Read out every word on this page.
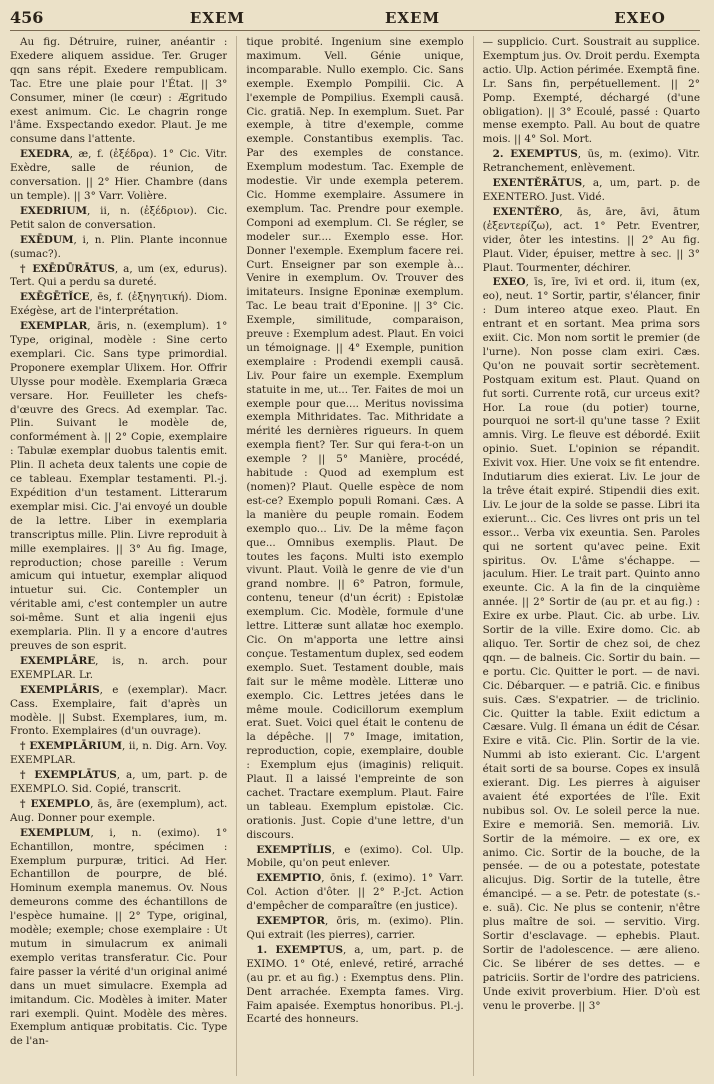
456	EXEM	EXEM	EXEO

Au fig. Détruire, ruiner, anéantir : Exedere aliquem assidue. Ter. Gruger qqn sans répit. Exedere rempublicam. Tac. Etre une plaie pour l'État. || 3° Consumer, miner (le cœur) : Ægritudo exest animum. Cic. Le chagrin ronge l'âme. Exspectando exedor. Plaut. Je me consume dans l'attente.

EXEDRA, æ, f. (ἐξέδρα). 1° Cic. Vitr. Exèdre, salle de réunion, de conversation. || 2° Hier. Chambre (dans un temple). || 3° Varr. Volière.

EXEDRIUM, ii, n. (ἐξέδριον). Cic. Petit salon de conversation.

EXĒDUM, i, n. Plin. Plante inconnue (sumac?).

† EXĒDŪRĀTUS, a, um (ex, edurus). Tert. Qui a perdu sa dureté.

EXĒGĒTĬCE, ēs, f. (ἐξηγητική). Diom. Exégèse, art de l'interprétation.

EXEMPLAR, āris, n. (exemplum). 1° Type, original, modèle : Sine certo exemplari. Cic. Sans type primordial. Proponere exemplar Ulixem. Hor. Offrir Ulysse pour modèle. Exemplaria Græca versare. Hor. Feuilleter les chefs-d'œuvre des Grecs. Ad exemplar. Tac. Plin. Suivant le modèle de, conformément à. || 2° Copie, exemplaire : Tabulæ exemplar duobus talentis emit. Plin. Il acheta deux talents une copie de ce tableau. Exemplar testamenti. Pl.-j. Expédition d'un testament. Litterarum exemplar misi. Cic. J'ai envoyé un double de la lettre. Liber in exemplaria transcriptus mille. Plin. Livre reproduit à mille exemplaires. || 3° Au fig. Image, reproduction; chose pareille : Verum amicum qui intuetur, exemplar aliquod intuetur sui. Cic. Contempler un véritable ami, c'est contempler un autre soi-même. Sunt et alia ingenii ejus exemplaria. Plin. Il y a encore d'autres preuves de son esprit.

EXEMPLĀRE, is, n. arch. pour EXEMPLAR. Lr.

EXEMPLĀRIS, e (exemplar). Macr. Cass. Exemplaire, fait d'après un modèle. || Subst. Exemplares, ium, m. Fronto. Exemplaires (d'un ouvrage).

† EXEMPLĀRIUM, ii, n. Dig. Arn. Voy. EXEMPLAR.

† EXEMPLĀTUS, a, um, part. p. de EXEMPLO. Sid. Copié, transcrit.

† EXEMPLO, ās, āre (exemplum), act. Aug. Donner pour exemple.

EXEMPLUM, i, n. (eximo). 1° Echantillon, montre, spécimen : Exemplum purpuræ, tritici. Ad Her. Echantillon de pourpre, de blé. Hominum exempla manemus. Ov. Nous demeurons comme des échantillons de l'espèce humaine. || 2° Type, original, modèle; exemple; chose exemplaire : Ut mutum in simulacrum ex animali exemplo veritas transferatur. Cic. Pour faire passer la vérité d'un original animé dans un muet simulacre. Exempla ad imitandum. Cic. Modèles à imiter. Mater rari exempli. Quint. Modèle des mères. Exemplum antiquæ probitatis. Cic. Type de l'an-

tique probité. Ingenium sine exemplo maximum. Vell. Génie unique, incomparable. Nullo exemplo. Cic. Sans exemple. Exemplo Pompilii. Cic. A l'exemple de Pompilius. Exempli causā. Cic. gratiā. Nep. In exemplum. Suet. Par exemple, à titre d'exemple, comme exemple. Constantibus exemplis. Tac. Par des exemples de constance. Exemplum modestum. Tac. Exemple de modestie. Vir unde exempla peterem. Cic. Homme exemplaire. Assumere in exemplum. Tac. Prendre pour exemple. Componi ad exemplum. Cl. Se régler, se modeler sur.... Exemplo esse. Hor. Donner l'exemple. Exemplum facere rei. Curt. Enseigner par son exemple à... Venire in exemplum. Ov. Trouver des imitateurs. Insigne Eponinæ exemplum. Tac. Le beau trait d'Eponine. || 3° Cic. Exemple, similitude, comparaison, preuve : Exemplum adest. Plaut. En voici un témoignage. || 4° Exemple, punition exemplaire : Prodendi exempli causā. Liv. Pour faire un exemple. Exemplum statuite in me, ut... Ter. Faites de moi un exemple pour que.... Meritus novissima exempla Mithridates. Tac. Mithridate a mérité les dernières rigueurs. In quem exempla fient? Ter. Sur qui fera-t-on un exemple ? || 5° Manière, procédé, habitude : Quod ad exemplum est (nomen)? Plaut. Quelle espèce de nom est-ce? Exemplo populi Romani. Cæs. A la manière du peuple romain. Eodem exemplo quo... Liv. De la même façon que... Omnibus exemplis. Plaut. De toutes les façons. Multi isto exemplo vivunt. Plaut. Voilà le genre de vie d'un grand nombre. || 6° Patron, formule, contenu, teneur (d'un écrit) : Epistolæ exemplum. Cic. Modèle, formule d'une lettre. Litteræ sunt allatæ hoc exemplo. Cic. On m'apporta une lettre ainsi conçue. Testamentum duplex, sed eodem exemplo. Suet. Testament double, mais fait sur le même modèle. Litteræ uno exemplo. Cic. Lettres jetées dans le même moule. Codicillorum exemplum erat. Suet. Voici quel était le contenu de la dépêche. || 7° Image, imitation, reproduction, copie, exemplaire, double : Exemplum ejus (imaginis) reliquit. Plaut. Il a laissé l'empreinte de son cachet. Tractare exemplum. Plaut. Faire un tableau. Exemplum epistolæ. Cic. orationis. Just. Copie d'une lettre, d'un discours.

EXEMPTĬLIS, e (eximo). Col. Ulp. Mobile, qu'on peut enlever.

EXEMPTIO, ōnis, f. (eximo). 1° Varr. Col. Action d'ôter. || 2° P.-Jct. Action d'empêcher de comparaître (en justice).

EXEMPTOR, ōris, m. (eximo). Plin. Qui extrait (les pierres), carrier.

1. EXEMPTUS, a, um, part. p. de EXIMO. 1° Oté, enlevé, retiré, arraché (au pr. et au fig.) : Exemptus dens. Plin. Dent arrachée. Exempta fames. Virg. Faim apaisée. Exemptus honoribus. Pl.-j. Ecarté des honneurs.

— supplicio. Curt. Soustrait au supplice. Exemptum jus. Ov. Droit perdu. Exempta actio. Ulp. Action périmée. Exemptā fine. Lr. Sans fin, perpétuellement. || 2° Pomp. Exempté, déchargé (d'une obligation). || 3° Ecoulé, passé : Quarto mense exempto. Pall. Au bout de quatre mois. || 4° Sol. Mort.

2. EXEMPTUS, ūs, m. (eximo). Vitr. Retranchement, enlèvement.

EXENTĔRĀTUS, a, um, part. p. de EXENTERO. Just. Vidé.

EXENTĔRO, ās, āre, āvi, ātum (ἐξεντερίζω), act. 1° Petr. Eventrer, vider, ôter les intestins. || 2° Au fig. Plaut. Vider, épuiser, mettre à sec. || 3° Plaut. Tourmenter, déchirer.

EXEO, īs, īre, īvi et ord. ii, itum (ex, eo), neut. 1° Sortir, partir, s'élancer, finir : Dum intereo atque exeo. Plaut. En entrant et en sortant. Mea prima sors exiit. Cic. Mon nom sortit le premier (de l'urne). Non posse clam exiri. Cæs. Qu'on ne pouvait sortir secrètement. Postquam exitum est. Plaut. Quand on fut sorti. Currente rotā, cur urceus exit? Hor. La roue (du potier) tourne, pourquoi ne sort-il qu'une tasse ? Exiit amnis. Virg. Le fleuve est débordé. Exiit opinio. Suet. L'opinion se répandit. Exivit vox. Hier. Une voix se fit entendre. Indutiarum dies exierat. Liv. Le jour de la trêve était expiré. Stipendii dies exit. Liv. Le jour de la solde se passe. Libri ita exierunt... Cic. Ces livres ont pris un tel essor... Verba vix exeuntia. Sen. Paroles qui ne sortent qu'avec peine. Exit spiritus. Ov. L'âme s'échappe. — jaculum. Hier. Le trait part. Quinto anno exeunte. Cic. A la fin de la cinquième année. || 2° Sortir de (au pr. et au fig.) : Exire ex urbe. Plaut. Cic. ab urbe. Liv. Sortir de la ville. Exire domo. Cic. ab aliquo. Ter. Sortir de chez soi, de chez qqn. — de balneis. Cic. Sortir du bain. — e portu. Cic. Quitter le port. — de navi. Cic. Débarquer. — e patriā. Cic. e finibus suis. Cæs. S'expatrier. — de triclinio. Cic. Quitter la table. Exiit edictum a Cæsare. Vulg. Il émana un édit de César. Exire e vitā. Cic. Plin. Sortir de la vie. Nummi ab isto exierant. Cic. L'argent était sorti de sa bourse. Copes ex insulā exierant. Dig. Les pierres à aiguiser avaient été exportées de l'île. Exit nubibus sol. Ov. Le soleil perce la nue. Exire e memoriā. Sen. memoriā. Liv. Sortir de la mémoire. — ex ore, ex animo. Cic. Sortir de la bouche, de la pensée. — de ou a potestate, potestate alicujus. Dig. Sortir de la tutelle, être émancipé. — a se. Petr. de potestate (s.-e. suā). Cic. Ne plus se contenir, n'être plus maître de soi. — servitio. Virg. Sortir d'esclavage. — ephebis. Plaut. Sortir de l'adolescence. — ære alieno. Cic. Se libérer de ses dettes. — e patriciis. Sortir de l'ordre des patriciens. Unde exivit proverbium. Hier. D'où est venu le proverbe. || 3°
